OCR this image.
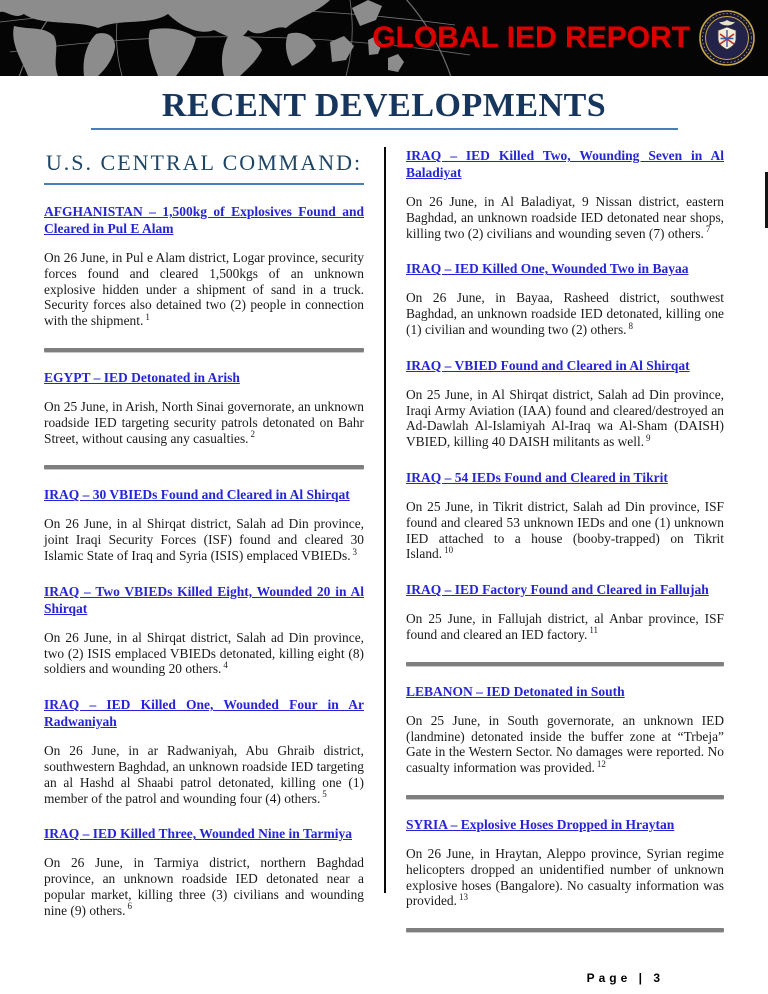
GLOBAL IED REPORT
RECENT DEVELOPMENTS
U.S. CENTRAL COMMAND:
AFGHANISTAN – 1,500kg of Explosives Found and Cleared in Pul E Alam

On 26 June, in Pul e Alam district, Logar province, security forces found and cleared 1,500kgs of an unknown explosive hidden under a shipment of sand in a truck. Security forces also detained two (2) people in connection with the shipment. $^1$

EGYPT – IED Detonated in Arish

On 25 June, in Arish, North Sinai governorate, an unknown roadside IED targeting security patrols detonated on Bahr Street, without causing any casualties. $^2$

IRAQ – 30 VBIEDs Found and Cleared in Al Shirqat

On 26 June, in al Shirqat district, Salah ad Din province, joint Iraqi Security Forces (ISF) found and cleared 30 Islamic State of Iraq and Syria (ISIS) emplaced VBIEDs. $^3$

IRAQ – Two VBIEDs Killed Eight, Wounded 20 in Al Shirqat

On 26 June, in al Shirqat district, Salah ad Din province, two (2) ISIS emplaced VBIEDs detonated, killing eight (8) soldiers and wounding 20 others. $^4$

IRAQ – IED Killed One, Wounded Four in Ar Radwaniyah

On 26 June, in ar Radwaniyah, Abu Ghraib district, southwestern Baghdad, an unknown roadside IED targeting an al Hashd al Shaabi patrol detonated, killing one (1) member of the patrol and wounding four (4) others. $^5$

IRAQ – IED Killed Three, Wounded Nine in Tarmiya

On 26 June, in Tarmiya district, northern Baghdad province, an unknown roadside IED detonated near a popular market, killing three (3) civilians and wounding nine (9) others. $^6$

IRAQ – IED Killed Two, Wounding Seven in Al Baladiyat

On 26 June, in Al Baladiyat, 9 Nissan district, eastern Baghdad, an unknown roadside IED detonated near shops, killing two (2) civilians and wounding seven (7) others. $^7$

IRAQ – IED Killed One, Wounded Two in Bayaa

On 26 June, in Bayaa, Rasheed district, southwest Baghdad, an unknown roadside IED detonated, killing one (1) civilian and wounding two (2) others. $^8$

IRAQ – VBIED Found and Cleared in Al Shirqat

On 25 June, in Al Shirqat district, Salah ad Din province, Iraqi Army Aviation (IAA) found and cleared/destroyed an Ad-Dawlah Al-Islamiyah Al-Iraq wa Al-Sham (DAISH) VBIED, killing 40 DAISH militants as well. $^9$

IRAQ – 54 IEDs Found and Cleared in Tikrit

On 25 June, in Tikrit district, Salah ad Din province, ISF found and cleared 53 unknown IEDs and one (1) unknown IED attached to a house (booby-trapped) on Tikrit Island. $^{10}$

IRAQ – IED Factory Found and Cleared in Fallujah

On 25 June, in Fallujah district, al Anbar province, ISF found and cleared an IED factory. $^{11}$

LEBANON – IED Detonated in South

On 25 June, in South governorate, an unknown IED (landmine) detonated inside the buffer zone at “Trbeja” Gate in the Western Sector. No damages were reported. No casualty information was provided. $^{12}$

SYRIA – Explosive Hoses Dropped in Hraytan

On 26 June, in Hraytan, Aleppo province, Syrian regime helicopters dropped an unidentified number of unknown explosive hoses (Bangalore). No casualty information was provided. $^{13}$

Page | 3
